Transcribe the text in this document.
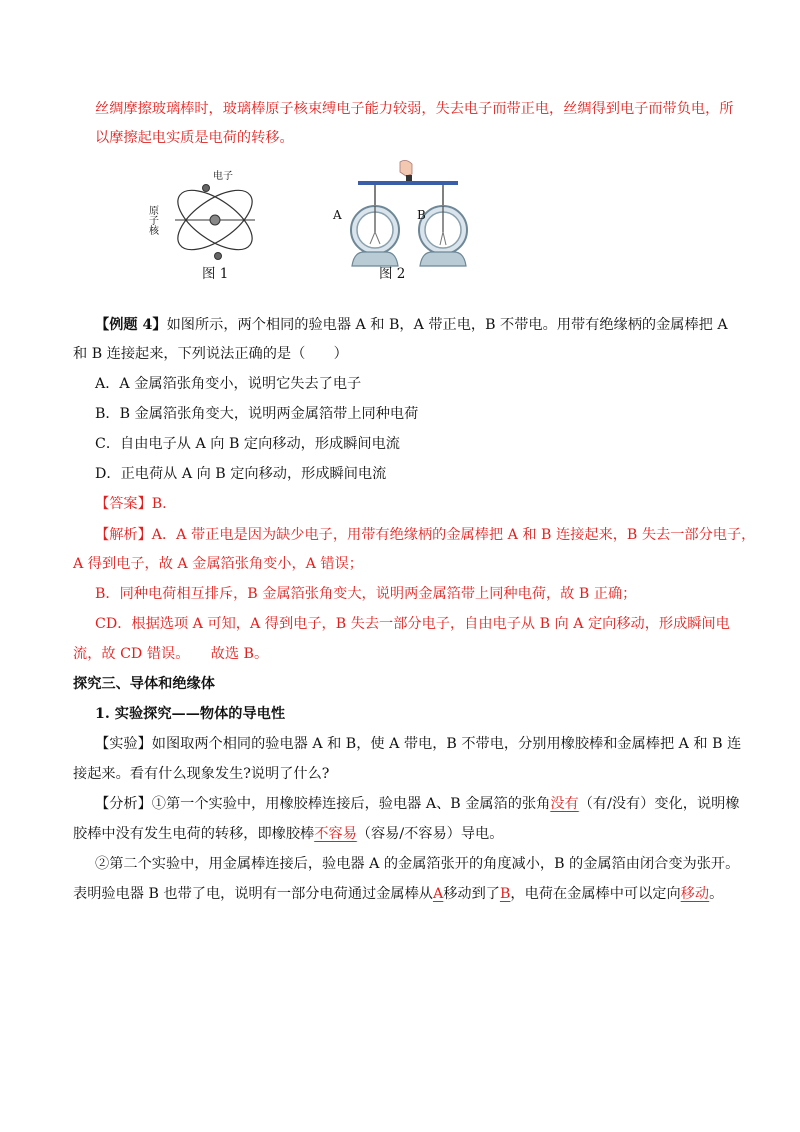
丝绸摩擦玻璃棒时，玻璃棒原子核束缚电子能力较弱，失去电子而带正电，丝绸得到电子而带负电，所
以摩擦起电实质是电荷的转移。
电子
原子核
图 1
A	B
图 2
【例题 4】如图所示，两个相同的验电器 A 和 B，A 带正电，B 不带电。用带有绝缘柄的金属棒把 A
和 B 连接起来，下列说法正确的是（　　）
A．A 金属箔张角变小，说明它失去了电子
B．B 金属箔张角变大，说明两金属箔带上同种电荷
C．自由电子从 A 向 B 定向移动，形成瞬间电流
D．正电荷从 A 向 B 定向移动，形成瞬间电流
【答案】B.
【解析】A．A 带正电是因为缺少电子，用带有绝缘柄的金属棒把 A 和 B 连接起来，B 失去一部分电子，
A 得到电子，故 A 金属箔张角变小，A 错误；
B．同种电荷相互排斥，B 金属箔张角变大，说明两金属箔带上同种电荷，故 B 正确；
CD．根据选项 A 可知，A 得到电子，B 失去一部分电子，自由电子从 B 向 A 定向移动，形成瞬间电
流，故 CD 错误。　　故选 B。
探究三、导体和绝缘体
1. 实验探究——物体的导电性
【实验】如图取两个相同的验电器 A 和 B，使 A 带电，B 不带电，分别用橡胶棒和金属棒把 A 和 B 连
接起来。看有什么现象发生?说明了什么?
【分析】①第一个实验中，用橡胶棒连接后，验电器 A、B 金属箔的张角没有（有/没有）变化，说明橡
胶棒中没有发生电荷的转移，即橡胶棒不容易（容易/不容易）导电。
②第二个实验中，用金属棒连接后，验电器 A 的金属箔张开的角度减小，B 的金属箔由闭合变为张开。
表明验电器 B 也带了电，说明有一部分电荷通过金属棒从A移动到了B，电荷在金属棒中可以定向移动。
